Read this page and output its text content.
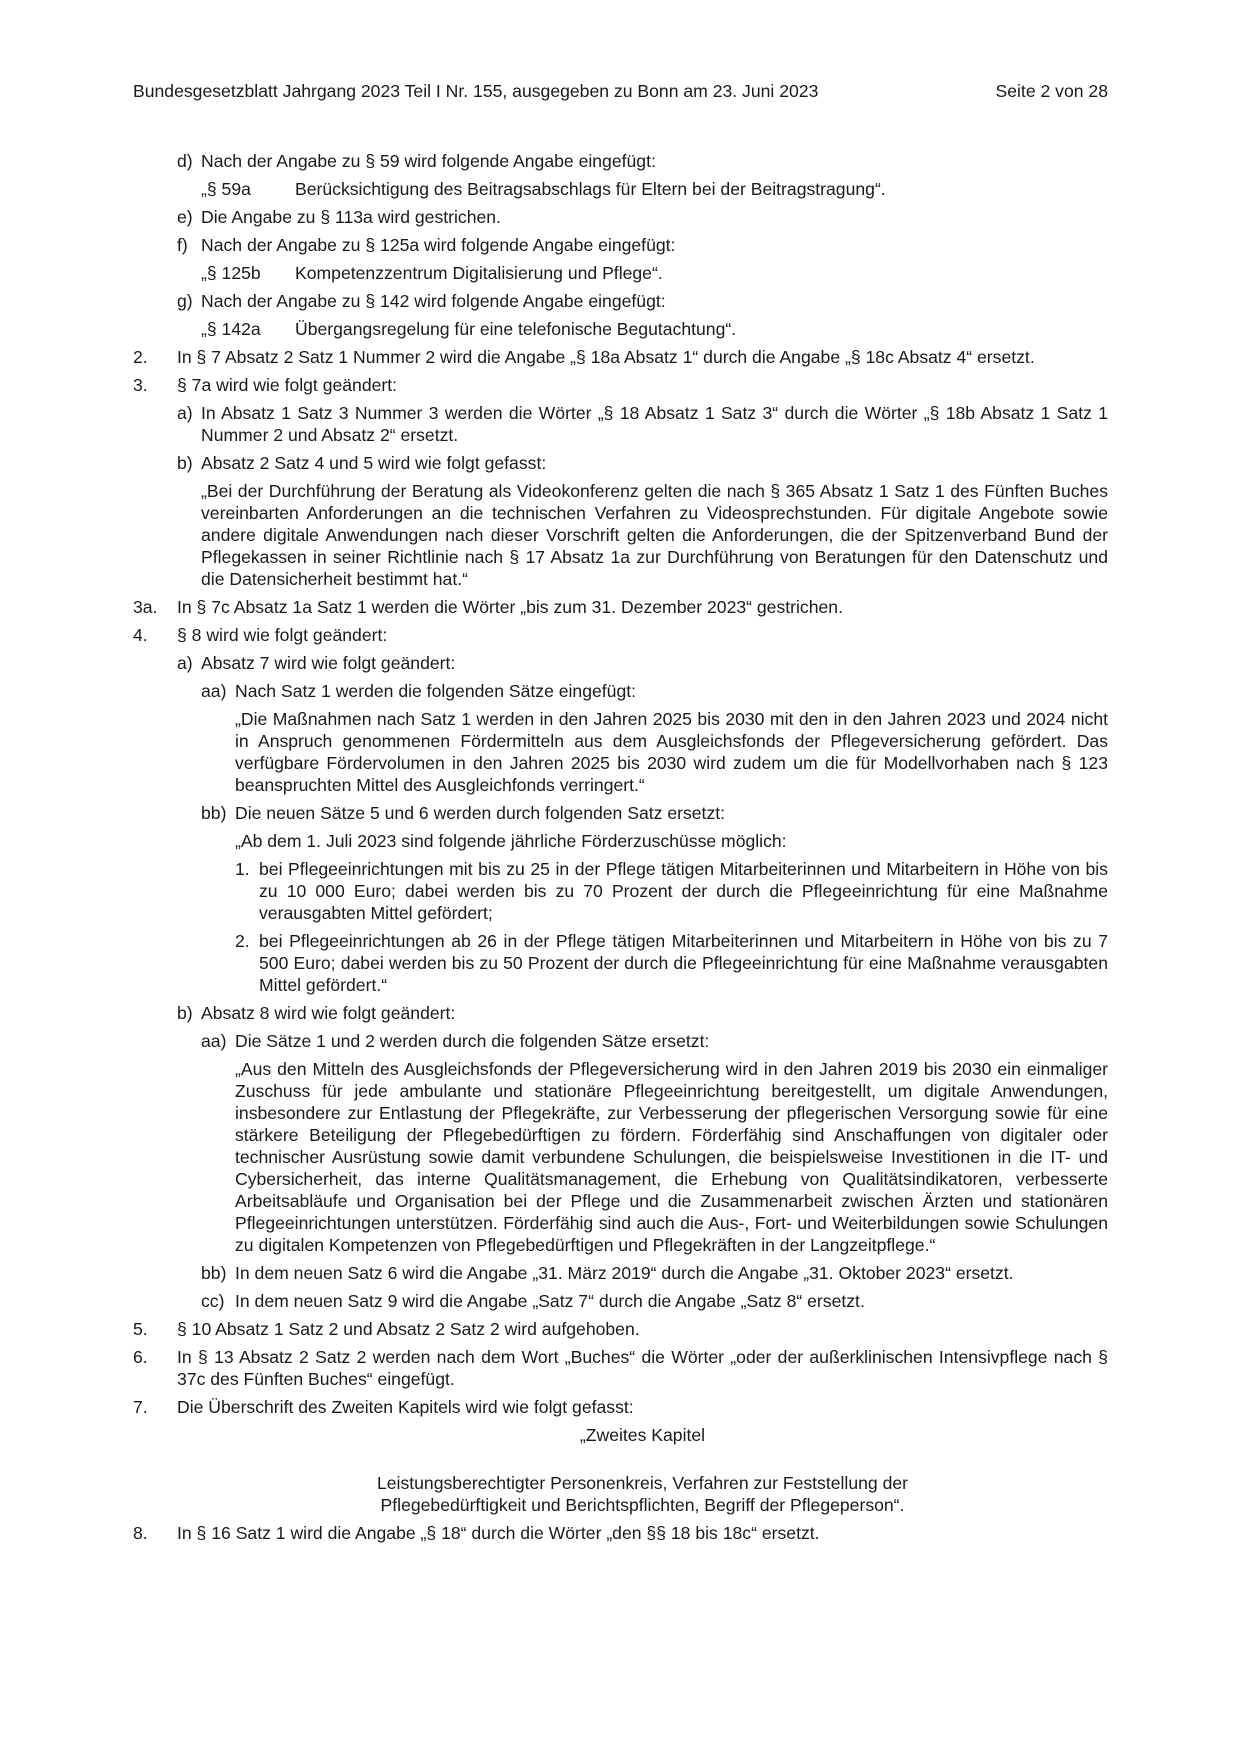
Bundesgesetzblatt Jahrgang 2023 Teil I Nr. 155, ausgegeben zu Bonn am 23. Juni 2023	Seite 2 von 28
d) Nach der Angabe zu § 59 wird folgende Angabe eingefügt:
„§ 59a	Berücksichtigung des Beitragsabschlags für Eltern bei der Beitragstragung“.
e) Die Angabe zu § 113a wird gestrichen.
f) Nach der Angabe zu § 125a wird folgende Angabe eingefügt:
„§ 125b	Kompetenzzentrum Digitalisierung und Pflege“.
g) Nach der Angabe zu § 142 wird folgende Angabe eingefügt:
„§ 142a	Übergangsregelung für eine telefonische Begutachtung“.
2.	In § 7 Absatz 2 Satz 1 Nummer 2 wird die Angabe „§ 18a Absatz 1“ durch die Angabe „§ 18c Absatz 4“ ersetzt.
3.	§ 7a wird wie folgt geändert:
a) In Absatz 1 Satz 3 Nummer 3 werden die Wörter „§ 18 Absatz 1 Satz 3“ durch die Wörter „§ 18b Absatz 1 Satz 1 Nummer 2 und Absatz 2“ ersetzt.
b) Absatz 2 Satz 4 und 5 wird wie folgt gefasst:

„Bei der Durchführung der Beratung als Videokonferenz gelten die nach § 365 Absatz 1 Satz 1 des Fünften Buches vereinbarten Anforderungen an die technischen Verfahren zu Videosprechstunden. Für digitale Angebote sowie andere digitale Anwendungen nach dieser Vorschrift gelten die Anforderungen, die der Spitzenverband Bund der Pflegekassen in seiner Richtlinie nach § 17 Absatz 1a zur Durchführung von Beratungen für den Datenschutz und die Datensicherheit bestimmt hat.“

3a.	In § 7c Absatz 1a Satz 1 werden die Wörter „bis zum 31. Dezember 2023“ gestrichen.
4.	§ 8 wird wie folgt geändert:
a) Absatz 7 wird wie folgt geändert:
aa) Nach Satz 1 werden die folgenden Sätze eingefügt:

„Die Maßnahmen nach Satz 1 werden in den Jahren 2025 bis 2030 mit den in den Jahren 2023 und 2024 nicht in Anspruch genommenen Fördermitteln aus dem Ausgleichsfonds der Pflegeversicherung gefördert. Das verfügbare Fördervolumen in den Jahren 2025 bis 2030 wird zudem um die für Modellvorhaben nach § 123 beanspruchten Mittel des Ausgleichfonds verringert.“

bb) Die neuen Sätze 5 und 6 werden durch folgenden Satz ersetzt:

„Ab dem 1. Juli 2023 sind folgende jährliche Förderzuschüsse möglich:

1. bei Pflegeeinrichtungen mit bis zu 25 in der Pflege tätigen Mitarbeiterinnen und Mitarbeitern in Höhe von bis zu 10 000 Euro; dabei werden bis zu 70 Prozent der durch die Pflegeeinrichtung für eine Maßnahme verausgabten Mittel gefördert;
2. bei Pflegeeinrichtungen ab 26 in der Pflege tätigen Mitarbeiterinnen und Mitarbeitern in Höhe von bis zu 7 500 Euro; dabei werden bis zu 50 Prozent der durch die Pflegeeinrichtung für eine Maßnahme verausgabten Mittel gefördert.“
b) Absatz 8 wird wie folgt geändert:
aa) Die Sätze 1 und 2 werden durch die folgenden Sätze ersetzt:

„Aus den Mitteln des Ausgleichsfonds der Pflegeversicherung wird in den Jahren 2019 bis 2030 ein einmaliger Zuschuss für jede ambulante und stationäre Pflegeeinrichtung bereitgestellt, um digitale Anwendungen, insbesondere zur Entlastung der Pflegekräfte, zur Verbesserung der pflegerischen Versorgung sowie für eine stärkere Beteiligung der Pflegebedürftigen zu fördern. Förderfähig sind Anschaffungen von digitaler oder technischer Ausrüstung sowie damit verbundene Schulungen, die beispielsweise Investitionen in die IT- und Cybersicherheit, das interne Qualitätsmanagement, die Erhebung von Qualitätsindikatoren, verbesserte Arbeitsabläufe und Organisation bei der Pflege und die Zusammenarbeit zwischen Ärzten und stationären Pflegeeinrichtungen unterstützen. Förderfähig sind auch die Aus-, Fort- und Weiterbildungen sowie Schulungen zu digitalen Kompetenzen von Pflegebedürftigen und Pflegekräften in der Langzeitpflege.“

bb) In dem neuen Satz 6 wird die Angabe „31. März 2019“ durch die Angabe „31. Oktober 2023“ ersetzt.
cc) In dem neuen Satz 9 wird die Angabe „Satz 7“ durch die Angabe „Satz 8“ ersetzt.
5.	§ 10 Absatz 1 Satz 2 und Absatz 2 Satz 2 wird aufgehoben.
6.	In § 13 Absatz 2 Satz 2 werden nach dem Wort „Buches“ die Wörter „oder der außerklinischen Intensivpflege nach § 37c des Fünften Buches“ eingefügt.
7.	Die Überschrift des Zweiten Kapitels wird wie folgt gefasst:

„Zweites Kapitel

Leistungsberechtigter Personenkreis, Verfahren zur Feststellung der

Pflegebedürftigkeit und Berichtspflichten, Begriff der Pflegeperson“.

8.	In § 16 Satz 1 wird die Angabe „§ 18“ durch die Wörter „den §§ 18 bis 18c“ ersetzt.
